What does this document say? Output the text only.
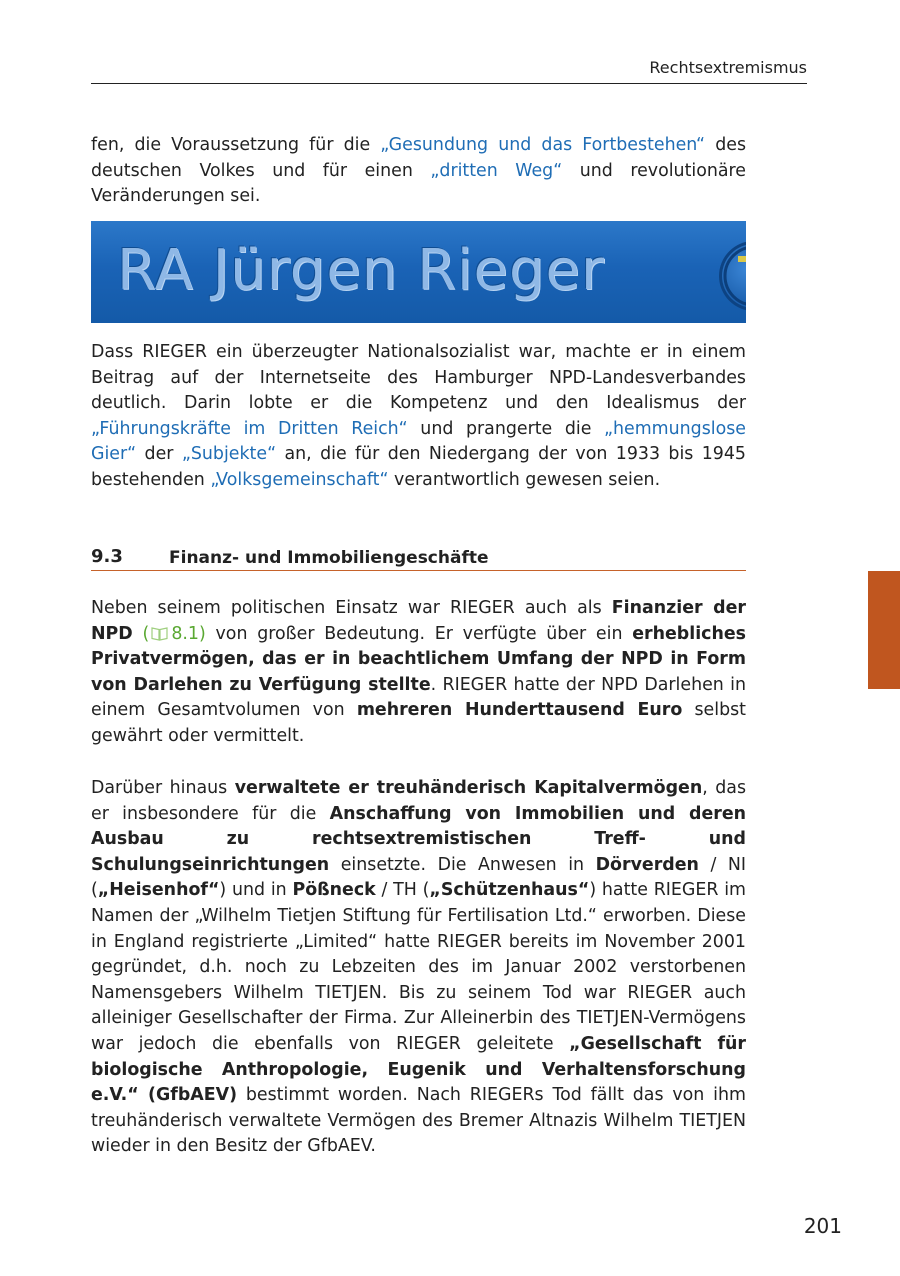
Rechtsextremismus

fen, die Voraussetzung für die „Gesundung und das Fortbestehen“ des deutschen Volkes und für einen „dritten Weg“ und revolutionäre Veränderungen sei.

RA Jürgen Rieger

Dass RIEGER ein überzeugter Nationalsozialist war, machte er in einem Beitrag auf der Internetseite des Hamburger NPD-Landesverbandes deutlich. Darin lobte er die Kompetenz und den Idealismus der „Führungskräfte im Dritten Reich“ und prangerte die „hemmungslose Gier“ der „Subjekte“ an, die für den Niedergang der von 1933 bis 1945 bestehenden „Volksgemeinschaft“ verantwortlich gewesen seien.

9.3	Finanz- und Immobiliengeschäfte

Neben seinem politischen Einsatz war RIEGER auch als Finanzier der NPD ( 8.1) von großer Bedeutung. Er verfügte über ein erhebliches Privatvermögen, das er in beachtlichem Umfang der NPD in Form von Darlehen zu Verfügung stellte. RIEGER hatte der NPD Darlehen in einem Gesamtvolumen von mehreren Hunderttausend Euro selbst gewährt oder vermittelt.

Darüber hinaus verwaltete er treuhänderisch Kapitalvermögen, das er insbesondere für die Anschaffung von Immobilien und deren Ausbau zu rechtsextremistischen Treff- und Schulungseinrichtungen einsetzte. Die Anwesen in Dörverden / NI („Heisenhof“) und in Pößneck / TH („Schützenhaus“) hatte RIEGER im Namen der „Wilhelm Tietjen Stiftung für Fertilisation Ltd.“ erworben. Diese in England registrierte „Limited“ hatte RIEGER bereits im November 2001 gegründet, d.h. noch zu Lebzeiten des im Januar 2002 verstorbenen Namensgebers Wilhelm TIETJEN. Bis zu seinem Tod war RIEGER auch alleiniger Gesellschafter der Firma. Zur Alleinerbin des TIETJEN-Vermögens war jedoch die ebenfalls von RIEGER geleitete „Gesellschaft für biologische Anthropologie, Eugenik und Verhaltensforschung e.V.“ (GfbAEV) bestimmt worden. Nach RIEGERs Tod fällt das von ihm treuhänderisch verwaltete Vermögen des Bremer Altnazis Wilhelm TIETJEN wieder in den Besitz der GfbAEV.

201
